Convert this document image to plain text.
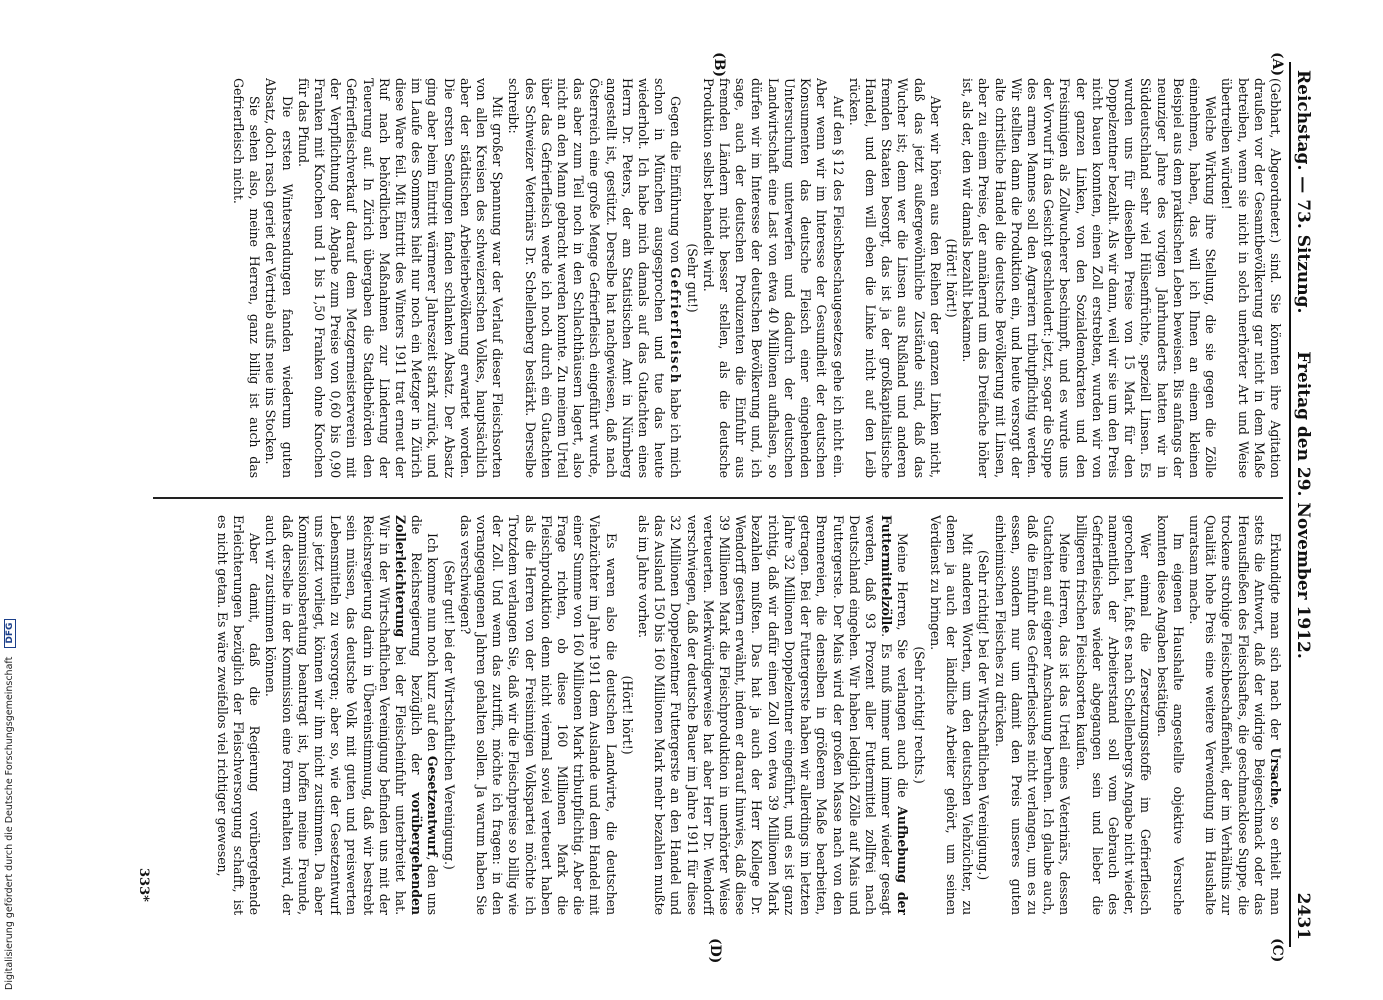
Reichstag. — 73. Sitzung.
Freitag den 29. November 1912.
2431
(A)
(B)
(C)
(D)

(Gebhart, Abgeordneter.) sind. Sie könnten ihre Agitation draußen vor der Gesamtbevölkerung gar nicht in dem Maße betreiben, wenn sie nicht in solch unerhörter Art und Weise übertreiben würden!

Welche Wirkung ihre Stellung, die sie gegen die Zölle einnehmen, haben, das will ich Ihnen an einem kleinen Beispiel aus dem praktischen Leben beweisen. Bis anfangs der neunziger Jahre des vorigen Jahrhunderts hatten wir in Süddeutschland sehr viel Hülsenfrüchte, speziell Linsen. Es wurden uns für dieselben Preise von 15 Mark für den Doppelzentner bezahlt. Als wir dann, weil wir sie um den Preis nicht bauen konnten, einen Zoll erstrebten, wurden wir von der ganzen Linken, von den Sozialdemokraten und den Freisinnigen als Zollwucherer beschimpft, und es wurde uns der Vorwurf in das Gesicht geschleudert: jetzt, sogar die Suppe des armen Mannes soll den Agrariern tributpflichtig werden. Wir stellten dann die Produktion ein, und heute versorgt der alte christliche Handel die deutsche Bevölkerung mit Linsen, aber zu einem Preise, der annähernd um das Dreifache höher ist, als der, den wir damals bezahlt bekamen.

(Hört! hört!)

Aber wir hören aus den Reihen der ganzen Linken nicht, daß das jetzt außergewöhnliche Zustände sind, daß das Wucher ist; denn wer die Linsen aus Rußland und anderen fremden Staaten besorgt, das ist ja der großkapitalistische Handel, und dem will eben die Linke nicht auf den Leib rücken.

Auf den § 12 des Fleischbeschaugesetzes gehe ich nicht ein. Aber wenn wir im Interesse der Gesundheit der deutschen Konsumenten das deutsche Fleisch einer eingehenden Untersuchung unterwerfen und dadurch der deutschen Landwirtschaft eine Last von etwa 40 Millionen aufhalsen, so dürfen wir im Interesse der deutschen Bevölkerung und, ich sage, auch der deutschen Produzenten die Einfuhr aus fremden Ländern nicht besser stellen, als die deutsche Produktion selbst behandelt wird.

(Sehr gut!)

Gegen die Einführung von Gefrierfleisch habe ich mich schon in München ausgesprochen und tue das heute wiederholt. Ich habe mich damals auf das Gutachten eines Herrn Dr. Peters, der am Statistischen Amt in Nürnberg angestellt ist, gestützt. Derselbe hat nachgewiesen, daß nach Österreich eine große Menge Gefrierfleisch eingeführt wurde, das aber zum Teil noch in den Schlachthäusern lagert, also nicht an den Mann gebracht werden konnte. Zu meinem Urteil über das Gefrierfleisch werde ich noch durch ein Gutachten des Schweizer Veterinärs Dr. Schellenberg bestärkt. Derselbe schreibt:

Mit großer Spannung war der Verlauf dieser Fleischsorten von allen Kreisen des schweizerischen Volkes, hauptsächlich aber der städtischen Arbeiterbevölkerung erwartet worden. Die ersten Sendungen fanden schlanken Absatz. Der Absatz ging aber beim Eintritt wärmerer Jahreszeit stark zurück, und im Laufe des Sommers hielt nur noch ein Metzger in Zürich diese Ware feil. Mit Eintritt des Winters 1911 trat erneut der Ruf nach behördlichen Maßnahmen zur Linderung der Teuerung auf. In Zürich übergaben die Stadtbehörden den Gefrierfleischverkauf darauf dem Metzgermeisterverein mit der Verpflichtung der Abgabe zum Preise von 0,60 bis 0,90 Franken mit Knochen und 1 bis 1,50 Franken ohne Knochen für das Pfund.

Die ersten Wintersendungen fanden wiederum guten Absatz, doch rasch geriet der Vertrieb aufs neue ins Stocken.

Sie sehen also, meine Herren, ganz billig ist auch das Gefrierfleisch nicht.

Erkundigte man sich nach der Ursache, so erhielt man stets die Antwort, daß der widrige Beigeschmack oder das Herausfließen des Fleischsaftes, die geschmacklose Suppe, die trockene strohige Fleischbeschaffenheit, der im Verhältnis zur Qualität hohe Preis eine weitere Verwendung im Haushalte unratsam mache.

Im eigenen Haushalte angestellte objektive Versuche konnten diese Angaben bestätigen.

Wer einmal die Zersetzungsstoffe im Gefrierfleisch gerochen hat, faßt es nach Schellenbergs Angabe nicht wieder, namentlich der Arbeiterstand soll vom Gebrauch des Gefrierfleisches wieder abgegangen sein und lieber die billigeren frischen Fleischsorten kaufen.

Meine Herren, das ist das Urteil eines Veterinärs, dessen Gutachten auf eigener Anschauung beruhen. Ich glaube auch, daß die Einfuhr des Gefrierfleisches nicht verlangen, um es zu essen, sondern nur um damit den Preis unseres guten einheimischen Fleisches zu drücken.

(Sehr richtig! bei der Wirtschaftlichen Vereinigung.)

Mit anderen Worten, um den deutschen Viehzüchter, zu denen ja auch der ländliche Arbeiter gehört, um seinen Verdienst zu bringen.

(Sehr richtig! rechts.)

Meine Herren, Sie verlangen auch die Aufhebung der Futtermittelzölle. Es muß immer und immer wieder gesagt werden, daß 93 Prozent aller Futtermittel zollfrei nach Deutschland eingehen. Wir haben lediglich Zölle auf Mais und Futtergerste. Der Mais wird der großen Masse nach von den Brennereien, die denselben in größerem Maße bearbeiten, getragen. Bei der Futtergerste haben wir allerdings im letzten Jahre 32 Millionen Doppelzentner eingeführt, und es ist ganz richtig, daß wir dafür einen Zoll von etwa 39 Millionen Mark bezahlen mußten. Das hat ja auch der Herr Kollege Dr. Wendorff gestern erwähnt, indem er darauf hinwies, daß diese 39 Millionen Mark die Fleischproduktion in unerhörter Weise verteuerten. Merkwürdigerweise hat aber Herr Dr. Wendorff verschwiegen, daß der deutsche Bauer im Jahre 1911 für diese 32 Millionen Doppelzentner Futtergerste an den Handel und das Ausland 150 bis 160 Millionen Mark mehr bezahlen mußte als im Jahre vorher.

(Hört! hört!)

Es waren also die deutschen Landwirte, die deutschen Viehzüchter im Jahre 1911 dem Auslande und dem Handel mit einer Summe von 160 Millionen Mark tributpflichtig. Aber die Frage richten, ob diese 160 Millionen Mark die Fleischproduktion denn nicht viermal soviel verteuert haben als die Herren von der Freisinnigen Volkspartei möchte ich Trotzdem verlangen Sie, daß wir die Fleischpreise so billig wie der Zoll. Und wenn das zutrifft, möchte ich fragen: in den vorangegangenen Jahren gehalten sollen. Ja warum haben Sie das verschwiegen?

(Sehr gut! bei der Wirtschaftlichen Vereinigung.)

Ich komme nun noch kurz auf den Gesetzentwurf, den uns die Reichsregierung bezüglich der vorübergehenden Zollerleichterung bei der Fleischeinfuhr unterbreitet hat. Wir in der Wirtschaftlichen Vereinigung befinden uns mit der Reichsregierung darin in Übereinstimmung, daß wir bestrebt sein müssen, das deutsche Volk mit guten und preiswerten Lebensmitteln zu versorgen; aber so, wie der Gesetzentwurf uns jetzt vorliegt, können wir ihm nicht zustimmen. Da aber Kommissionsberatung beantragt ist, hoffen meine Freunde, daß derselbe in der Kommission eine Form erhalten wird, der auch wir zustimmen können.

Aber damit, daß die Regierung vorübergehende Erleichterungen bezüglich der Fleischversorgung schafft, ist es nicht getan. Es wäre zweifellos viel richtiger gewesen,

333*
Digitalisierung gefördert durch die Deutsche Forschungsgemeinschaft DFG
